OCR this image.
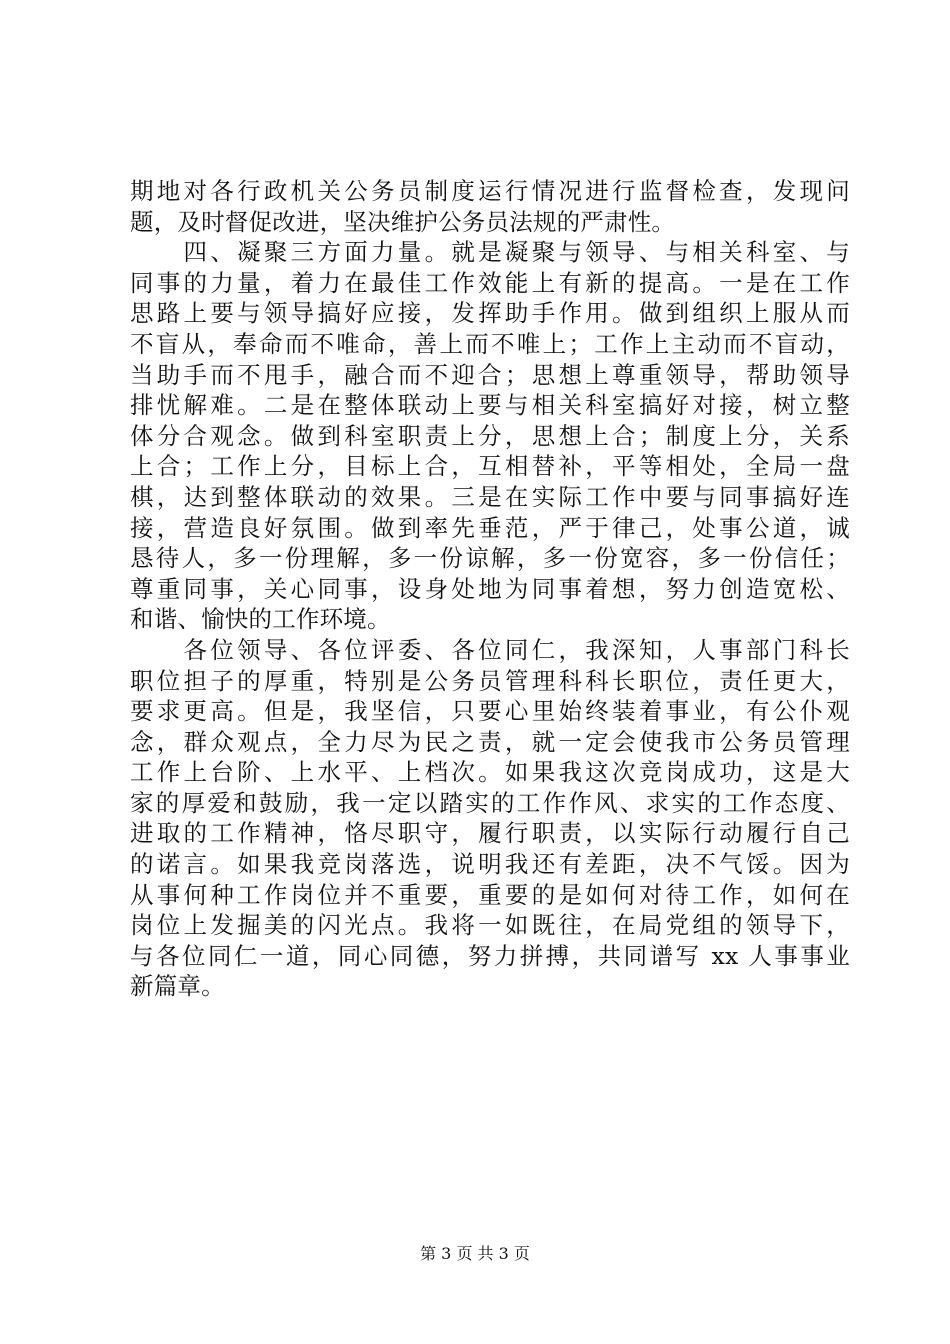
期地对各行政机关公务员制度运行情况进行监督检查，发现问
题，及时督促改进，坚决维护公务员法规的严肃性。
　　四、凝聚三方面力量。就是凝聚与领导、与相关科室、与
同事的力量，着力在最佳工作效能上有新的提高。一是在工作
思路上要与领导搞好应接，发挥助手作用。做到组织上服从而
不盲从，奉命而不唯命，善上而不唯上；工作上主动而不盲动，
当助手而不甩手，融合而不迎合；思想上尊重领导，帮助领导
排忧解难。二是在整体联动上要与相关科室搞好对接，树立整
体分合观念。做到科室职责上分，思想上合；制度上分，关系
上合；工作上分，目标上合，互相替补，平等相处，全局一盘
棋，达到整体联动的效果。三是在实际工作中要与同事搞好连
接，营造良好氛围。做到率先垂范，严于律己，处事公道，诚
恳待人，多一份理解，多一份谅解，多一份宽容，多一份信任；
尊重同事，关心同事，设身处地为同事着想，努力创造宽松、
和谐、愉快的工作环境。
　　各位领导、各位评委、各位同仁，我深知，人事部门科长
职位担子的厚重，特别是公务员管理科科长职位，责任更大，
要求更高。但是，我坚信，只要心里始终装着事业，有公仆观
念，群众观点，全力尽为民之责，就一定会使我市公务员管理
工作上台阶、上水平、上档次。如果我这次竞岗成功，这是大
家的厚爱和鼓励，我一定以踏实的工作作风、求实的工作态度、
进取的工作精神，恪尽职守，履行职责，以实际行动履行自己
的诺言。如果我竞岗落选，说明我还有差距，决不气馁。因为
从事何种工作岗位并不重要，重要的是如何对待工作，如何在
岗位上发掘美的闪光点。我将一如既往，在局党组的领导下，
与各位同仁一道，同心同德，努力拼搏，共同谱写 xx 人事事业
新篇章。
第 3 页 共 3 页
